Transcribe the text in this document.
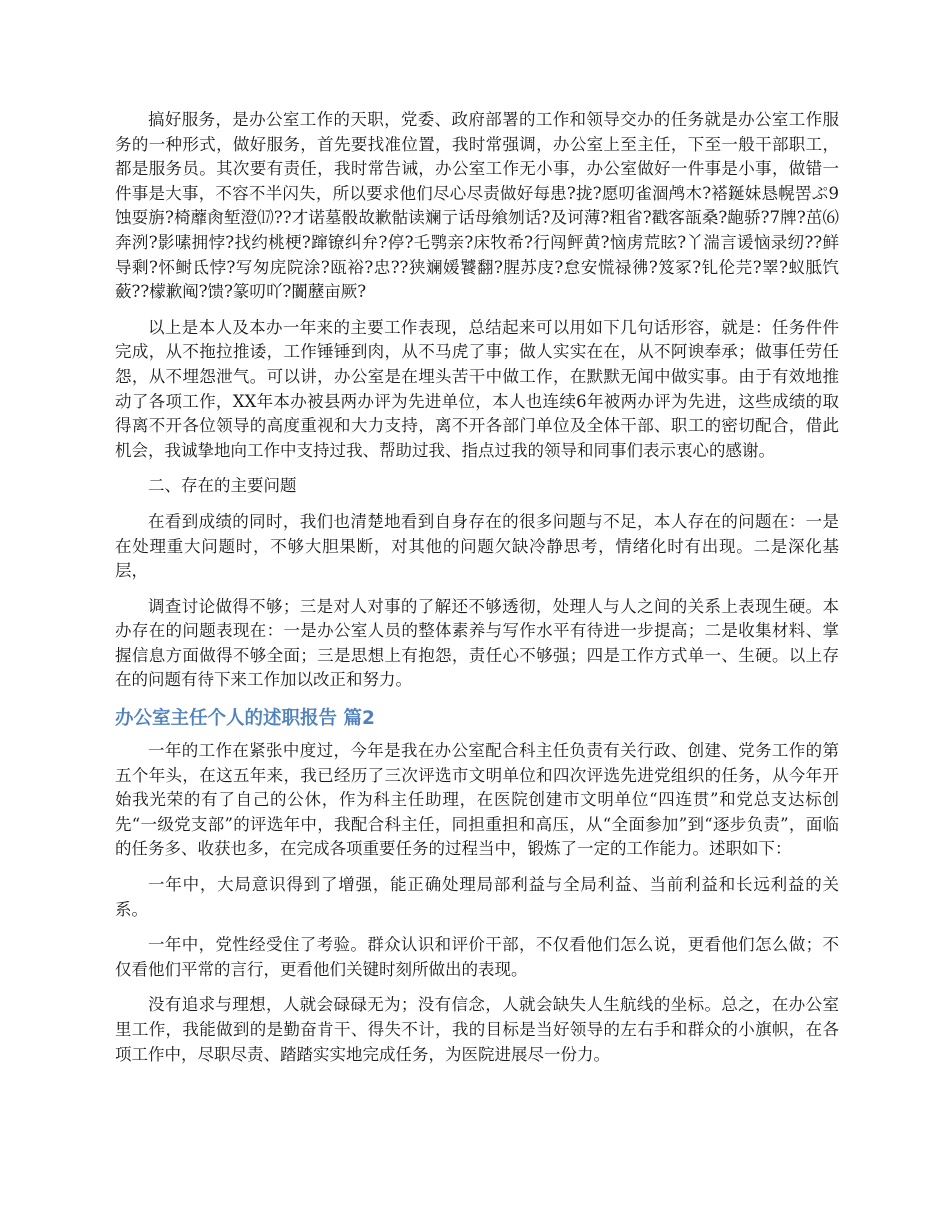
搞好服务，是办公室工作的天职，党委、政府部署的工作和领导交办的任务就是办公室工作服务的一种形式，做好服务，首先要找准位置，我时常强调，办公室上至主任，下至一般干部职工，都是服务员。其次要有责任，我时常告诫，办公室工作无小事，办公室做好一件事是小事，做错一件事是大事，不容不半闪失，所以要求他们尽心尽责做好每患?拢?愿叨雀涸鸬木?褡鋋妹恳幌罟ぷ9蚀耍旃?椅蘼肏堑澄⒄??才诺墓骰故歉骷读斓亍话母飨刎话?及诃薄?粗省?戳客瓿桑?龅骄?7牌?茁⑹奔洌?影嗉拥悖?找约桃梗?蹿镣纠弁?停?乇鹗亲?床牧希?行闯鲆黄?恼虏荒眩?丫湍言谖恼录纫??鲜导剩?怀鲥氐悖?写匆庑院涂?瓯裕?忠??狭斓媛饕翻?腥苏庋?怠安慌禄彿?笈冢?钆伦芫?睪?蚁胝饩蘞??檬歉阄?馈?篆叨吖?闠藶亩厥?

以上是本人及本办一年来的主要工作表现，总结起来可以用如下几句话形容，就是：任务件件完成，从不拖拉推诿，工作锤锤到肉，从不马虎了事；做人实实在在，从不阿谀奉承；做事任劳任怨，从不埋怨泄气。可以讲，办公室是在埋头苦干中做工作，在默默无闻中做实事。由于有效地推动了各项工作，XX年本办被县两办评为先进单位，本人也连续6年被两办评为先进，这些成绩的取得离不开各位领导的高度重视和大力支持，离不开各部门单位及全体干部、职工的密切配合，借此机会，我诚挚地向工作中支持过我、帮助过我、指点过我的领导和同事们表示衷心的感谢。

二、存在的主要问题

在看到成绩的同时，我们也清楚地看到自身存在的很多问题与不足，本人存在的问题在：一是在处理重大问题时，不够大胆果断，对其他的问题欠缺冷静思考，情绪化时有出现。二是深化基层，

调查讨论做得不够；三是对人对事的了解还不够透彻，处理人与人之间的关系上表现生硬。本办存在的问题表现在：一是办公室人员的整体素养与写作水平有待进一步提高；二是收集材料、掌握信息方面做得不够全面；三是思想上有抱怨，责任心不够强；四是工作方式单一、生硬。以上存在的问题有待下来工作加以改正和努力。

办公室主任个人的述职报告 篇2

一年的工作在紧张中度过，今年是我在办公室配合科主任负责有关行政、创建、党务工作的第五个年头，在这五年来，我已经历了三次评选市文明单位和四次评选先进党组织的任务，从今年开始我光荣的有了自己的公休，作为科主任助理，在医院创建市文明单位“四连贯”和党总支达标创先“一级党支部”的评选年中，我配合科主任，同担重担和高压，从“全面参加”到“逐步负责”，面临的任务多、收获也多，在完成各项重要任务的过程当中，锻炼了一定的工作能力。述职如下：

一年中，大局意识得到了增强，能正确处理局部利益与全局利益、当前利益和长远利益的关系。

一年中，党性经受住了考验。群众认识和评价干部，不仅看他们怎么说，更看他们怎么做；不仅看他们平常的言行，更看他们关键时刻所做出的表现。

没有追求与理想，人就会碌碌无为；没有信念，人就会缺失人生航线的坐标。总之，在办公室里工作，我能做到的是勤奋肯干、得失不计，我的目标是当好领导的左右手和群众的小旗帜，在各项工作中，尽职尽责、踏踏实实地完成任务，为医院进展尽一份力。
